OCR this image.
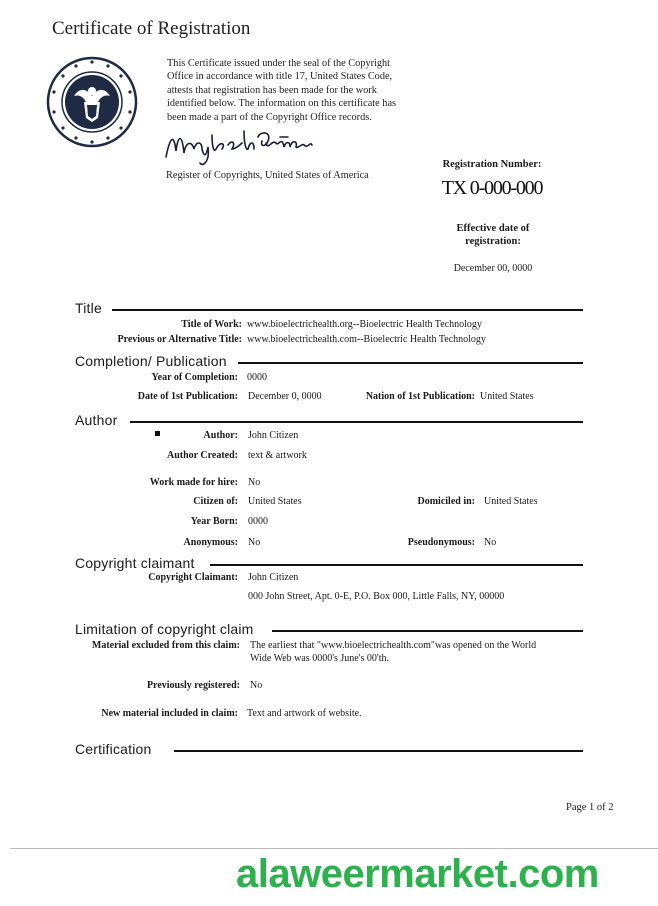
Certificate of Registration
This Certificate issued under the seal of the Copyright Office in accordance with title 17, United States Code, attests that registration has been made for the work identified below. The information on this certificate has been made a part of the Copyright Office records.
Register of Copyrights, United States of America
Registration Number:
TX 0-000-000
Effective date of registration:
December 00, 0000
Title
Title of Work: www.bioelectrichealth.org--Bioelectric Health Technology
Previous or Alternative Title: www.bioelectrichealth.com--Bioelectric Health Technology
Completion/ Publication
Year of Completion: 0000
Date of 1st Publication: December 0, 0000	Nation of 1st Publication: United States
Author
Author: John Citizen
Author Created: text & artwork
Work made for hire: No
Citizen of: United States	Domiciled in: United States
Year Born: 0000
Anonymous: No	Pseudonymous: No
Copyright claimant
Copyright Claimant: John Citizen
000 John Street, Apt. 0-E, P.O. Box 000, Little Falls, NY, 00000
Limitation of copyright claim
Material excluded from this claim: The earliest that "www.bioelectrichealth.com"was opened on the World Wide Web was 0000's June's 00'th.
Previously registered: No
New material included in claim: Text and artwork of website.
Certification
Page 1 of 2
alaweermarket.com
